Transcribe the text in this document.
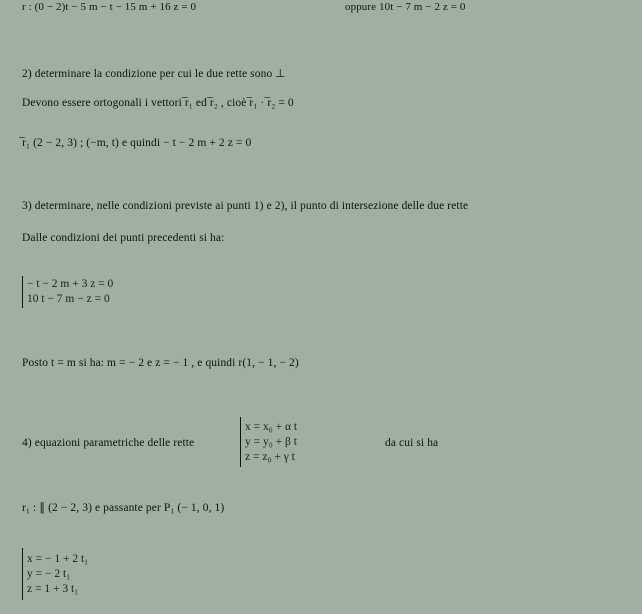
r : (0 − 2)t − 5 m − t − 15 m + 16 z = 0	oppure 10t − 7 m − 2 z = 0
2) determinare la condizione per cui le due rette sono ⊥
Devono essere ortogonali i vettori ̅r₁ ed ̅r₂ , cioè ̅r₁ · ̅r₂ = 0
̅r₁ (2 − 2, 3) ; (−m, t) e quindi − t − 2 m + 2 z = 0
3) determinare, nelle condizioni previste ai punti 1) e 2), il punto di intersezione delle due rette
Dalle condizioni dei punti precedenti si ha:
− t − 2 m + 3 z = 0
10 t − 7 m − z = 0
Posto t = m si ha: m = − 2 e z = − 1 , e quindi r(1, − 1, − 2)
4) equazioni parametriche delle rette
x = x₀ + α t
y = y₀ + β t
z = z₀ + γ t
da cui si ha
r₁ : ∥ (2 − 2, 3) e passante per P₁ (− 1, 0, 1)
x = − 1 + 2 t₁
y = − 2 t₁
z = 1 + 3 t₁
